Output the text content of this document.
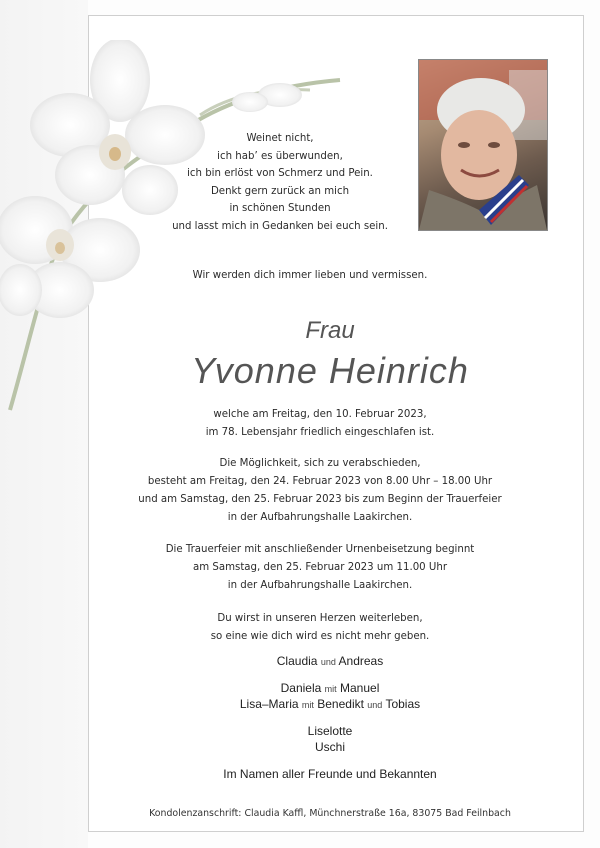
Weinet nicht,
ich hab’ es überwunden,
ich bin erlöst von Schmerz und Pein.
Denkt gern zurück an mich
in schönen Stunden
und lasst mich in Gedanken bei euch sein.
Wir werden dich immer lieben und vermissen.
Frau
Yvonne Heinrich
welche am Freitag, den 10. Februar 2023,
im 78. Lebensjahr friedlich eingeschlafen ist.
Die Möglichkeit, sich zu verabschieden,
besteht am Freitag, den 24. Februar 2023 von 8.00 Uhr – 18.00 Uhr
und am Samstag, den 25. Februar 2023 bis zum Beginn der Trauerfeier
in der Aufbahrungshalle Laakirchen.
Die Trauerfeier mit anschließender Urnenbeisetzung beginnt
am Samstag, den 25. Februar 2023 um 11.00 Uhr
in der Aufbahrungshalle Laakirchen.
Du wirst in unseren Herzen weiterleben,
so eine wie dich wird es nicht mehr geben.
Claudia und Andreas
Daniela mit Manuel
Lisa–Maria mit Benedikt und Tobias
Liselotte
Uschi
Im Namen aller Freunde und Bekannten
Kondolenzanschrift: Claudia Kaffl, Münchnerstraße 16a, 83075 Bad Feilnbach
